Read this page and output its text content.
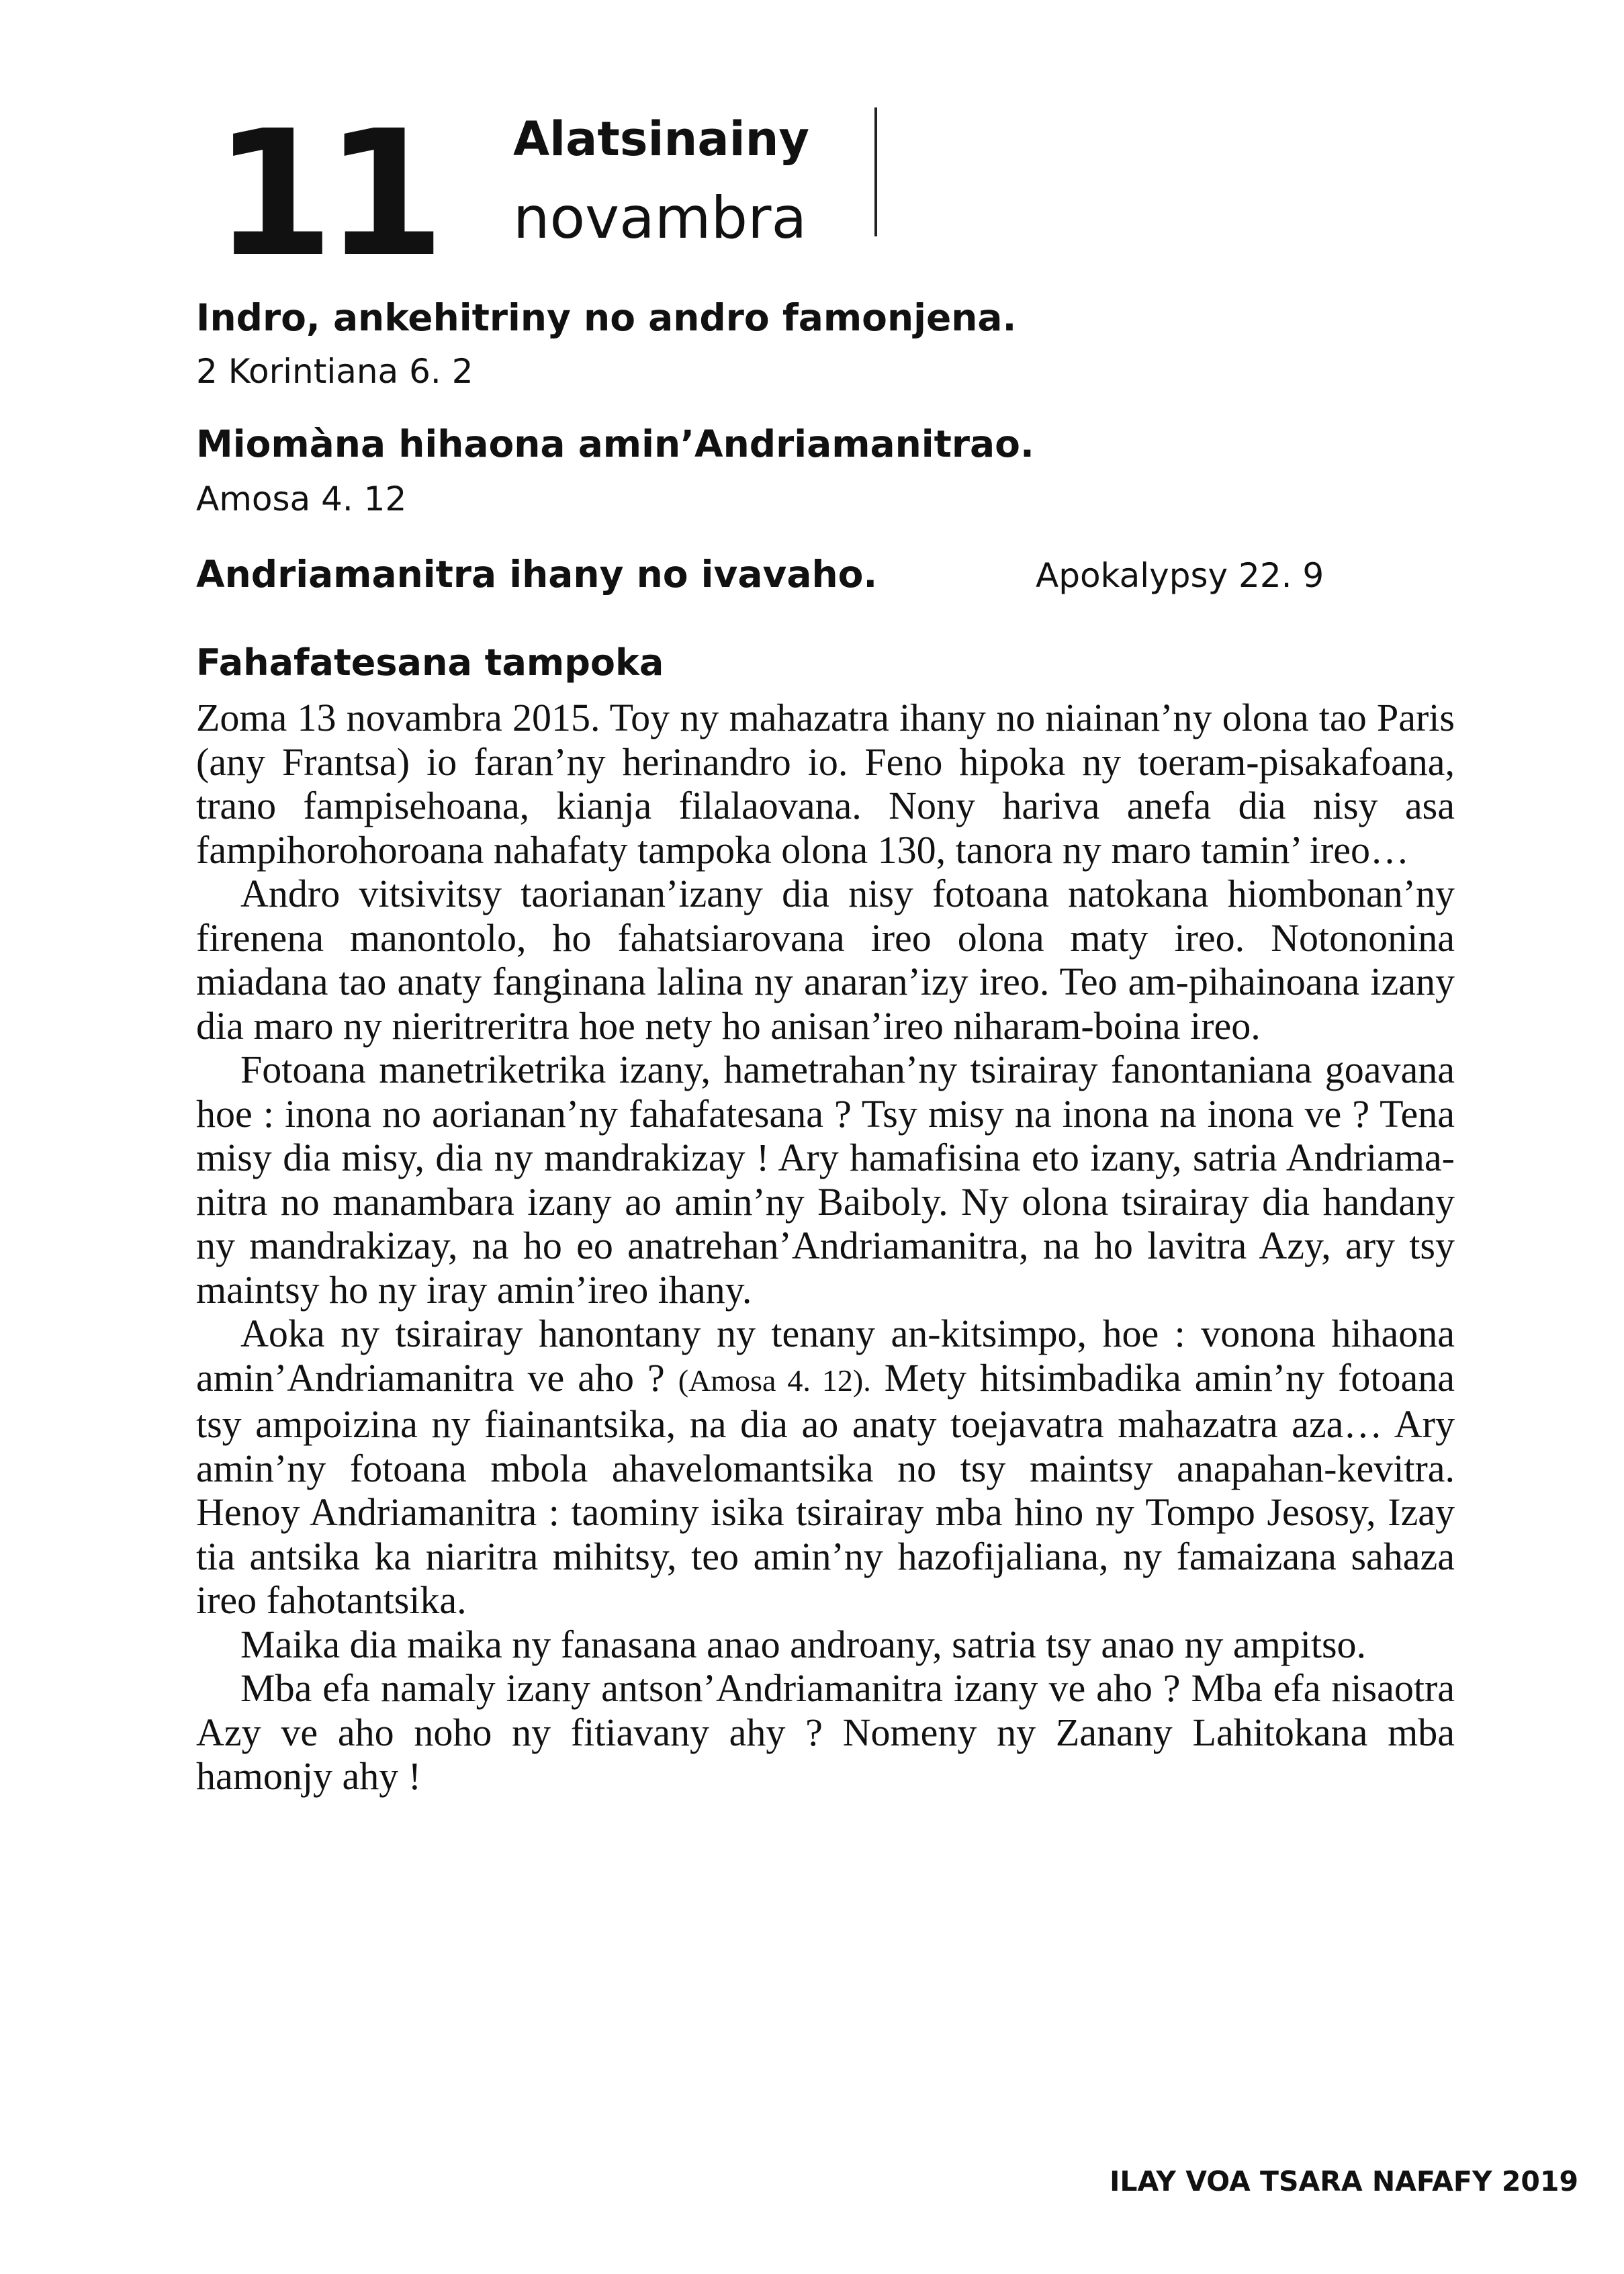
11 Alatsinainy
novambra
Indro, ankehitriny no andro famonjena.
2 Korintiana 6. 2
Miomàna hihaona amin’Andriamanitrao.
Amosa 4. 12
Andriamanitra ihany no ivavaho.	Apokalypsy 22. 9
Fahafatesana tampoka

Zoma 13 novambra 2015. Toy ny mahazatra ihany no niainan’ny olona tao Paris (any Frantsa) io faran’ny herinandro io. Feno hipoka ny toeram-pisakafoana, trano fampisehoana, kianja filalaovana. Nony hariva anefa dia nisy asa fampihorohoroana nahafaty tampoka olona 130, tanora ny maro tamin’ ireo…

Andro vitsivitsy taorianan’izany dia nisy fotoana natokana hiombonan’ny firenena manontolo, ho fahatsiarovana ireo olona maty ireo. Notononina miadana tao anaty fanginana lalina ny anaran’izy ireo. Teo am-pihainoana izany dia maro ny nieritreritra hoe nety ho anisan’ireo niharam-boina ireo.

Fotoana manetriketrika izany, hametrahan’ny tsirairay fanontaniana goavana hoe : inona no aorianan’ny fahafatesana ? Tsy misy na inona na inona ve ? Tena misy dia misy, dia ny mandrakizay ! Ary hamafisina eto izany, satria Andriamanitra no manambara izany ao amin’ny Baiboly. Ny olona tsirairay dia handany ny mandrakizay, na ho eo anatrehan’Andriamanitra, na ho lavitra Azy, ary tsy maintsy ho ny iray amin’ireo ihany.

Aoka ny tsirairay hanontany ny tenany an-kitsimpo, hoe : vonona hihaona amin’Andriamanitra ve aho ? (Amosa 4. 12). Mety hitsimbadika amin’ny fotoana tsy ampoizina ny fiainantsika, na dia ao anaty toejavatra mahazatra aza… Ary amin’ny fotoana mbola ahavelomantsika no tsy maintsy anapahan-kevitra. Henoy Andriamanitra : taominy isika tsirairay mba hino ny Tompo Jesosy, Izay tia antsika ka niaritra mihitsy, teo amin’ny hazofijaliana, ny famaizana sahaza ireo fahotantsika.

Maika dia maika ny fanasana anao androany, satria tsy anao ny ampitso.

Mba efa namaly izany antson’Andriamanitra izany ve aho ? Mba efa nisaotra Azy ve aho noho ny fitiavany ahy ? Nomeny ny Zanany Lahitokana mba hamonjy ahy !

ILAY VOA TSARA NAFAFY 2019
